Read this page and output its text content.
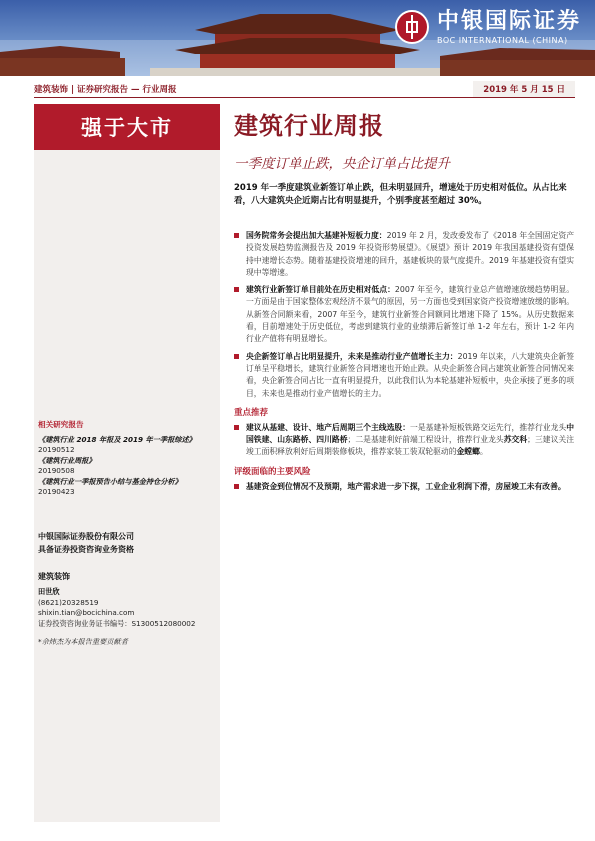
中银国际证券
BOC INTERNATIONAL (CHINA)
建筑装饰 | 证券研究报告 — 行业周报	2019 年 5 月 15 日
强于大市
相关研究报告
《建筑行业 2018 年报及 2019 年一季报综述》
20190512
《建筑行业周报》
20190508
《建筑行业一季报预告小结与基金持仓分析》
20190423
中银国际证券股份有限公司
具备证券投资咨询业务资格
建筑装饰
田世欣
(8621)20328519
shixin.tian@bocichina.com
证券投资咨询业务证书编号：S1300512080002
*佘炜杰为本报告重要贡献者
建筑行业周报
一季度订单止跌，央企订单占比提升
2019 年一季度建筑业新签订单止跌，但未明显回升，增速处于历史相对低位。从占比来看，八大建筑央企近期占比有明显提升，个别季度甚至超过 30%。
国务院常务会提出加大基建补短板力度：2019 年 2 月，发改委发布了《2018 年全国固定资产投资发展趋势监测报告及 2019 年投资形势展望》。《展望》预计 2019 年我国基建投资有望保持中速增长态势。随着基建投资增速的回升，基建板块的景气度提升。2019 年基建投资有望实现中等增速。
建筑行业新签订单目前处在历史相对低点：2007 年至今，建筑行业总产值增速放缓趋势明显。一方面是由于国家整体宏观经济不景气的原因，另一方面也受到国家资产投资增速放缓的影响。从新签合同额来看，2007 年至今，建筑行业新签合同额同比增速下降了 15%。从历史数据来看，目前增速处于历史低位，考虑到建筑行业的业绩滞后新签订单 1-2 年左右，预计 1-2 年内行业产值将有明显增长。
央企新签订单占比明显提升，未来是推动行业产值增长主力：2019 年以来，八大建筑央企新签订单呈平稳增长，建筑行业新签合同增速也开始止跌。从央企新签合同占建筑业新签合同情况来看，央企新签合同占比一直有明显提升，以此我们认为本轮基建补短板中，央企承接了更多的项目，未来也是推动行业产值增长的主力。
重点推荐
建议从基建、设计、地产后周期三个主线选股：一是基建补短板铁路交运先行，推荐行业龙头中国铁建、山东路桥、四川路桥；二是基建利好前端工程设计，推荐行业龙头苏交科；三建议关注竣工面积释放利好后周期装修板块，推荐家装工装双轮驱动的金螳螂。
评级面临的主要风险
基建资金到位情况不及预期，地产需求进一步下探，工业企业利润下滑，房屋竣工未有改善。
